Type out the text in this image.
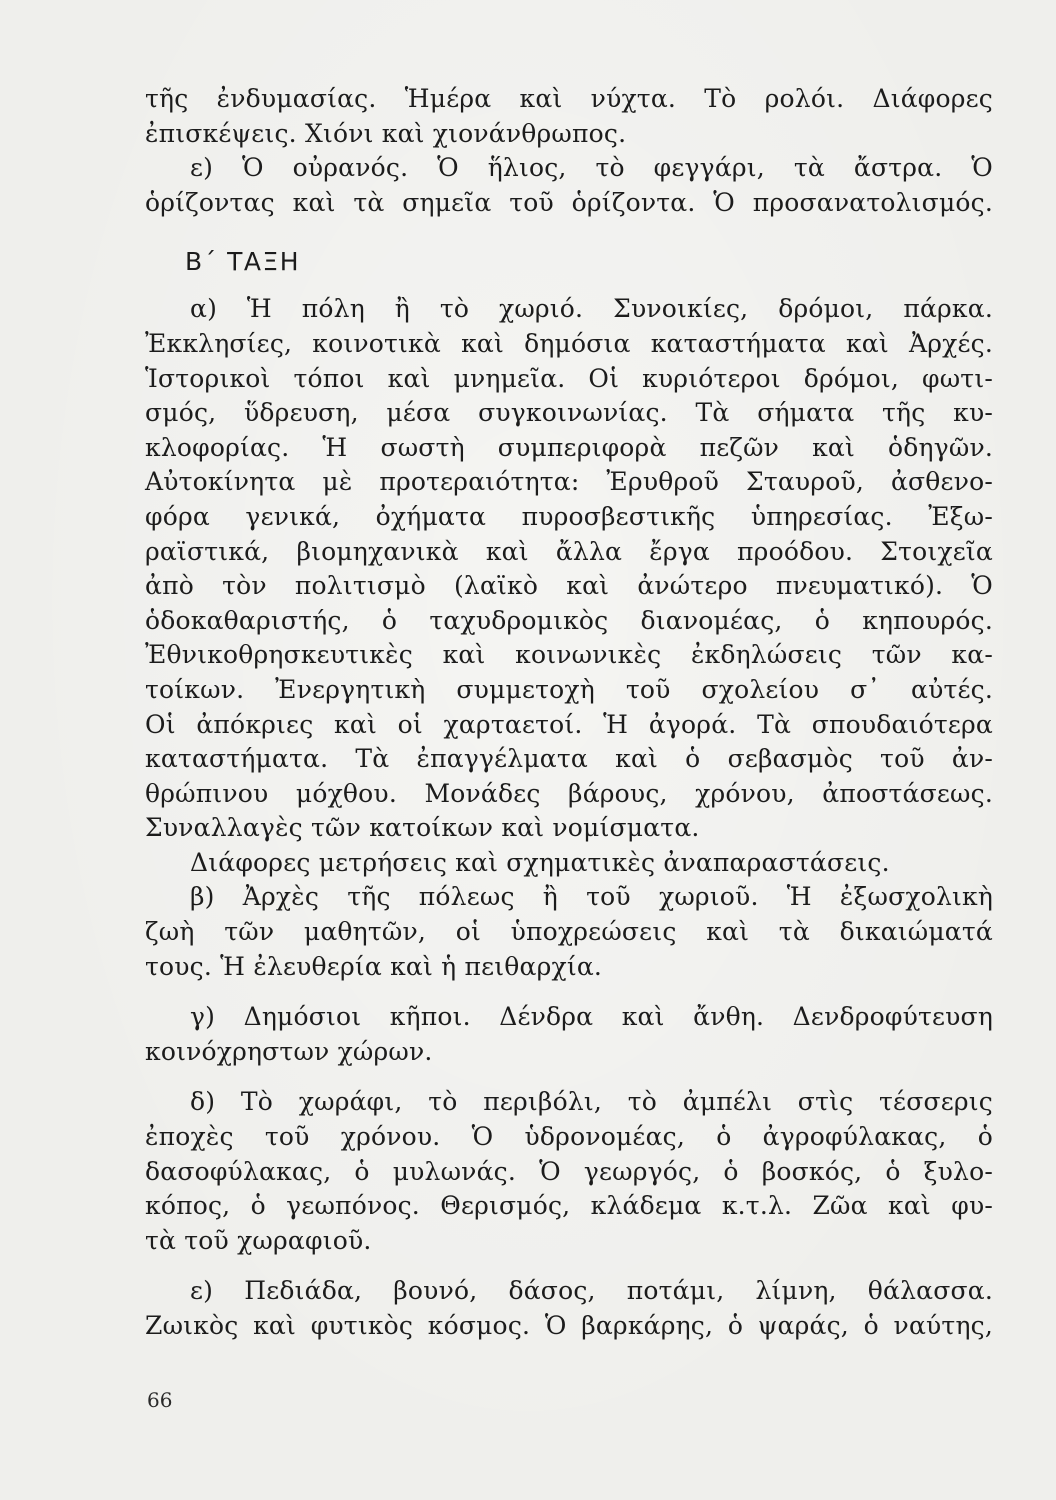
τῆς ἐνδυμασίας. Ἡμέρα καὶ νύχτα. Τὸ ρολόι. Διάφορες
ἐπισκέψεις. Χιόνι καὶ χιονάνθρωπος.
ε) Ὁ οὐρανός. Ὁ ἥλιος, τὸ φεγγάρι, τὰ ἄστρα. Ὁ
ὁρίζοντας καὶ τὰ σημεῖα τοῦ ὁρίζοντα. Ὁ προσανατολισμός.
Β΄ ΤΑΞΗ
α) Ἡ πόλη ἢ τὸ χωριό. Συνοικίες, δρόμοι, πάρκα.
Ἐκκλησίες, κοινοτικὰ καὶ δημόσια καταστήματα καὶ Ἀρχές.
Ἱστορικοὶ τόποι καὶ μνημεῖα. Οἱ κυριότεροι δρόμοι, φωτι-
σμός, ὕδρευση, μέσα συγκοινωνίας. Τὰ σήματα τῆς κυ-
κλοφορίας. Ἡ σωστὴ συμπεριφορὰ πεζῶν καὶ ὁδηγῶν.
Αὐτοκίνητα μὲ προτεραιότητα: Ἐρυθροῦ Σταυροῦ, ἀσθενο-
φόρα γενικά, ὀχήματα πυροσβεστικῆς ὑπηρεσίας. Ἐξω-
ραϊστικά, βιομηχανικὰ καὶ ἄλλα ἔργα προόδου. Στοιχεῖα
ἀπὸ τὸν πολιτισμὸ (λαϊκὸ καὶ ἀνώτερο πνευματικό). Ὁ
ὁδοκαθαριστής, ὁ ταχυδρομικὸς διανομέας, ὁ κηπουρός.
Ἐθνικοθρησκευτικὲς καὶ κοινωνικὲς ἐκδηλώσεις τῶν κα-
τοίκων. Ἐνεργητικὴ συμμετοχὴ τοῦ σχολείου σ᾽ αὐτές.
Οἱ ἀπόκριες καὶ οἱ χαρταετοί. Ἡ ἀγορά. Τὰ σπουδαιότερα
καταστήματα. Τὰ ἐπαγγέλματα καὶ ὁ σεβασμὸς τοῦ ἀν-
θρώπινου μόχθου. Μονάδες βάρους, χρόνου, ἀποστάσεως.
Συναλλαγὲς τῶν κατοίκων καὶ νομίσματα.
Διάφορες μετρήσεις καὶ σχηματικὲς ἀναπαραστάσεις.
β) Ἀρχὲς τῆς πόλεως ἢ τοῦ χωριοῦ. Ἡ ἐξωσχολικὴ
ζωὴ τῶν μαθητῶν, οἱ ὑποχρεώσεις καὶ τὰ δικαιώματά
τους. Ἡ ἐλευθερία καὶ ἡ πειθαρχία.
γ) Δημόσιοι κῆποι. Δένδρα καὶ ἄνθη. Δενδροφύτευση
κοινόχρηστων χώρων.
δ) Τὸ χωράφι, τὸ περιβόλι, τὸ ἀμπέλι στὶς τέσσερις
ἐποχὲς τοῦ χρόνου. Ὁ ὑδρονομέας, ὁ ἀγροφύλακας, ὁ
δασοφύλακας, ὁ μυλωνάς. Ὁ γεωργός, ὁ βοσκός, ὁ ξυλο-
κόπος, ὁ γεωπόνος. Θερισμός, κλάδεμα κ.τ.λ. Ζῶα καὶ φυ-
τὰ τοῦ χωραφιοῦ.
ε) Πεδιάδα, βουνό, δάσος, ποτάμι, λίμνη, θάλασσα.
Ζωικὸς καὶ φυτικὸς κόσμος. Ὁ βαρκάρης, ὁ ψαράς, ὁ ναύτης,
66
